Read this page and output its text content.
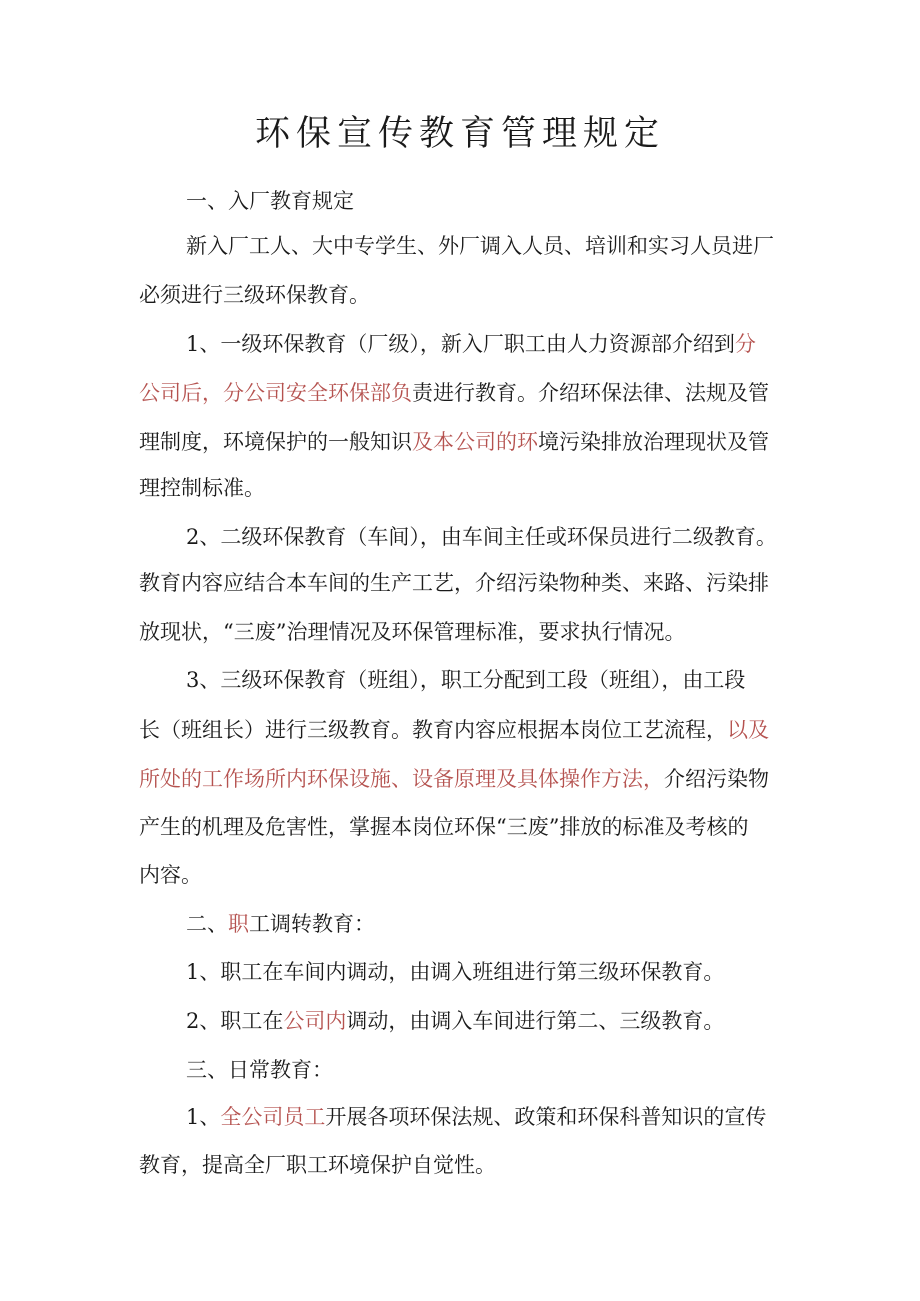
环保宣传教育管理规定
一、入厂教育规定
新入厂工人、大中专学生、外厂调入人员、培训和实习人员进厂
必须进行三级环保教育。
1、一级环保教育（厂级），新入厂职工由人力资源部介绍到分
公司后，分公司安全环保部负责进行教育。介绍环保法律、法规及管
理制度，环境保护的一般知识及本公司的环境污染排放治理现状及管
理控制标准。
2、二级环保教育（车间），由车间主任或环保员进行二级教育。
教育内容应结合本车间的生产工艺，介绍污染物种类、来路、污染排
放现状，“三废”治理情况及环保管理标准，要求执行情况。
3、三级环保教育（班组），职工分配到工段（班组），由工段
长（班组长）进行三级教育。教育内容应根据本岗位工艺流程，以及
所处的工作场所内环保设施、设备原理及具体操作方法，介绍污染物
产生的机理及危害性，掌握本岗位环保“三废”排放的标准及考核的
内容。
二、职工调转教育：
1、职工在车间内调动，由调入班组进行第三级环保教育。
2、职工在公司内调动，由调入车间进行第二、三级教育。
三、日常教育：
1、全公司员工开展各项环保法规、政策和环保科普知识的宣传
教育，提高全厂职工环境保护自觉性。
